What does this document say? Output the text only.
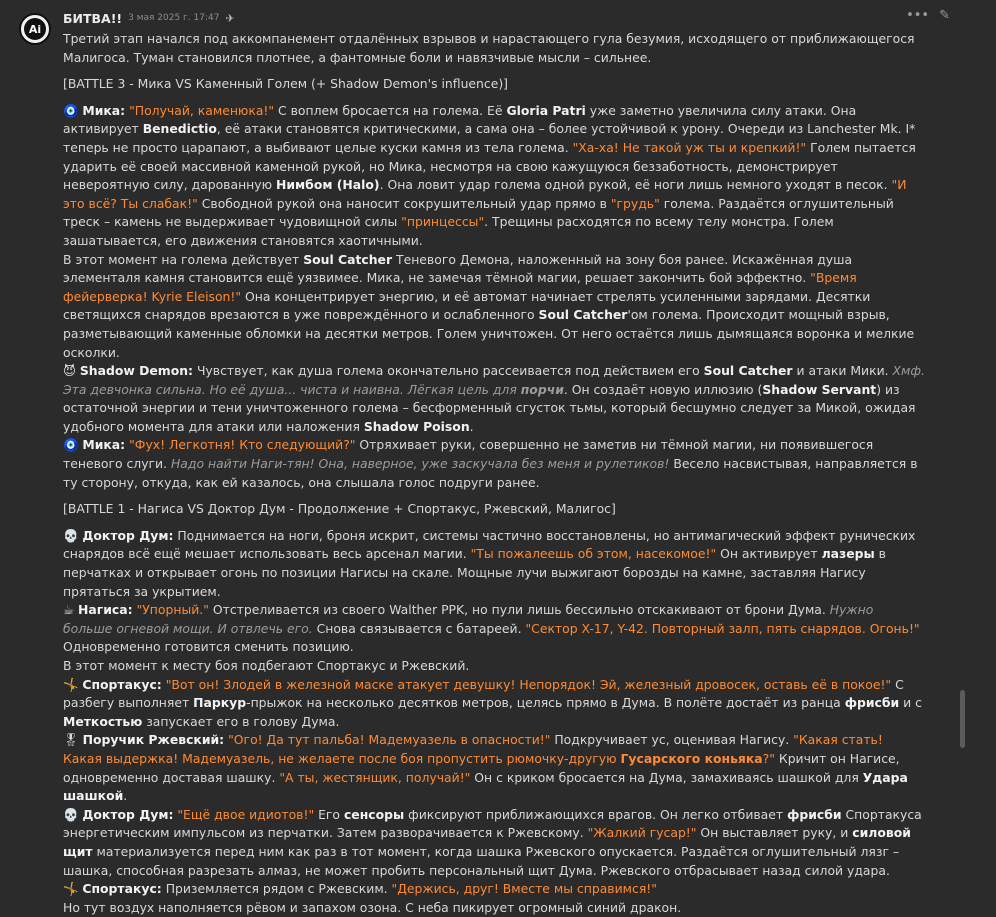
Ai
БИТВА!! 3 мая 2025 г. 17:47 ✈	••• ✎

Третий этап начался под аккомпанемент отдалённых взрывов и нарастающего гула безумия, исходящего от приближающегося Малигоса. Туман становился плотнее, а фантомные боли и навязчивые мысли – сильнее.

[BATTLE 3 - Мика VS Каменный Голем (+ Shadow Demon's influence)]

🧿 Мика: "Получай, каменюка!" С воплем бросается на голема. Её Gloria Patri уже заметно увеличила силу атаки. Она активирует Benedictio, её атаки становятся критическими, а сама она – более устойчивой к урону. Очереди из Lanchester Mk. I* теперь не просто царапают, а выбивают целые куски камня из тела голема. "Ха-ха! Не такой уж ты и крепкий!" Голем пытается ударить её своей массивной каменной рукой, но Мика, несмотря на свою кажущуюся беззаботность, демонстрирует невероятную силу, дарованную Нимбом (Halo). Она ловит удар голема одной рукой, её ноги лишь немного уходят в песок. "И это всё? Ты слабак!" Свободной рукой она наносит сокрушительный удар прямо в "грудь" голема. Раздаётся оглушительный треск – камень не выдерживает чудовищной силы "принцессы". Трещины расходятся по всему телу монстра. Голем зашатывается, его движения становятся хаотичными.

В этот момент на голема действует Soul Catcher Теневого Демона, наложенный на зону боя ранее. Искажённая душа элементаля камня становится ещё уязвимее. Мика, не замечая тёмной магии, решает закончить бой эффектно. "Время фейерверка! Kyrie Eleison!" Она концентрирует энергию, и её автомат начинает стрелять усиленными зарядами. Десятки светящихся снарядов врезаются в уже повреждённого и ослабленного Soul Catcher'ом голема. Происходит мощный взрыв, разметывающий каменные обломки на десятки метров. Голем уничтожен. От него остаётся лишь дымящаяся воронка и мелкие осколки.

😈 Shadow Demon: Чувствует, как душа голема окончательно рассеивается под действием его Soul Catcher и атаки Мики. Хмф. Эта девчонка сильна. Но её душа... чиста и наивна. Лёгкая цель для порчи. Он создаёт новую иллюзию (Shadow Servant) из остаточной энергии и тени уничтоженного голема – бесформенный сгусток тьмы, который бесшумно следует за Микой, ожидая удобного момента для атаки или наложения Shadow Poison.

🧿 Мика: "Фух! Легкотня! Кто следующий?" Отряхивает руки, совершенно не заметив ни тёмной магии, ни появившегося теневого слуги. Надо найти Наги-тян! Она, наверное, уже заскучала без меня и рулетиков! Весело насвистывая, направляется в ту сторону, откуда, как ей казалось, она слышала голос подруги ранее.

[BATTLE 1 - Нагиса VS Доктор Дум - Продолжение + Спортакус, Ржевский, Малигос]

💀 Доктор Дум: Поднимается на ноги, броня искрит, системы частично восстановлены, но антимагический эффект рунических снарядов всё ещё мешает использовать весь арсенал магии. "Ты пожалеешь об этом, насекомое!" Он активирует лазеры в перчатках и открывает огонь по позиции Нагисы на скале. Мощные лучи выжигают борозды на камне, заставляя Нагису прятаться за укрытием.

☕ Нагиса: "Упорный." Отстреливается из своего Walther PPK, но пули лишь бессильно отскакивают от брони Дума. Нужно больше огневой мощи. И отвлечь его. Снова связывается с батареей. "Сектор X-17, Y-42. Повторный залп, пять снарядов. Огонь!" Одновременно готовится сменить позицию.

В этот момент к месту боя подбегают Спортакус и Ржевский.

🤸 Спортакус: "Вот он! Злодей в железной маске атакует девушку! Непорядок! Эй, железный дровосек, оставь её в покое!" С разбегу выполняет Паркур-прыжок на несколько десятков метров, целясь прямо в Дума. В полёте достаёт из ранца фрисби и с Меткостью запускает его в голову Дума.

🎖 Поручик Ржевский: "Ого! Да тут пальба! Мадемуазель в опасности!" Подкручивает ус, оценивая Нагису. "Какая стать! Какая выдержка! Мадемуазель, не желаете после боя пропустить рюмочку-другую Гусарского коньяка?" Кричит он Нагисе, одновременно доставая шашку. "А ты, жестянщик, получай!" Он с криком бросается на Дума, замахиваясь шашкой для Удара шашкой.

💀 Доктор Дум: "Ещё двое идиотов!" Его сенсоры фиксируют приближающихся врагов. Он легко отбивает фрисби Спортакуса энергетическим импульсом из перчатки. Затем разворачивается к Ржевскому. "Жалкий гусар!" Он выставляет руку, и силовой щит материализуется перед ним как раз в тот момент, когда шашка Ржевского опускается. Раздаётся оглушительный лязг – шашка, способная разрезать алмаз, не может пробить персональный щит Дума. Ржевского отбрасывает назад силой удара.

🤸 Спортакус: Приземляется рядом с Ржевским. "Держись, друг! Вместе мы справимся!"

Но тут воздух наполняется рёвом и запахом озона. С неба пикирует огромный синий дракон.
